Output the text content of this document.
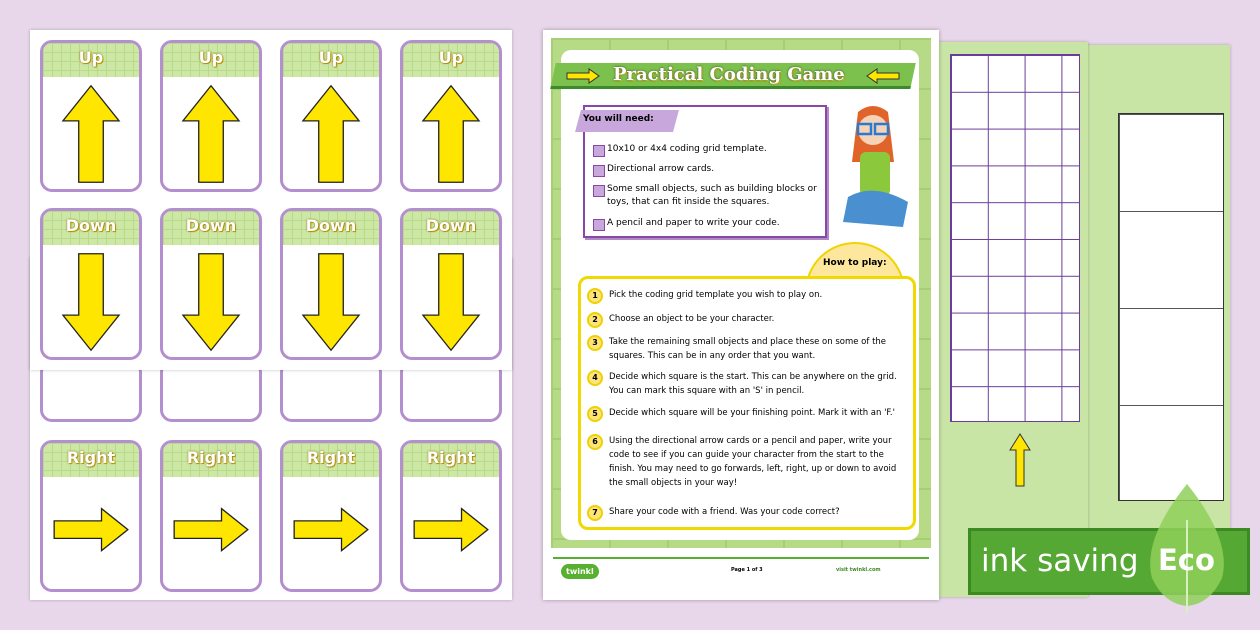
Right	Right	Right	Right
Up	Up	Up	Up
Down	Down	Down	Down
Practical Coding Game
You will need:
10x10 or 4x4 coding grid template.
Directional arrow cards.
Some small objects, such as building blocks or toys, that can fit inside the squares.
A pencil and paper to write your code.
How to play:
1	Pick the coding grid template you wish to play on.
2	Choose an object to be your character.
3	Take the remaining small objects and place these on some of the squares. This can be in any order that you want.
4	Decide which square is the start. This can be anywhere on the grid. You can mark this square with an 'S' in pencil.
5	Decide which square will be your finishing point. Mark it with an 'F.'
6	Using the directional arrow cards or a pencil and paper, write your code to see if you can guide your character from the start to the finish. You may need to go forwards, left, right, up or down to avoid the small objects in your way!
7	Share your code with a friend. Was your code correct?
twinkl	Page 1 of 3	visit twinkl.com	ink saving Eco
